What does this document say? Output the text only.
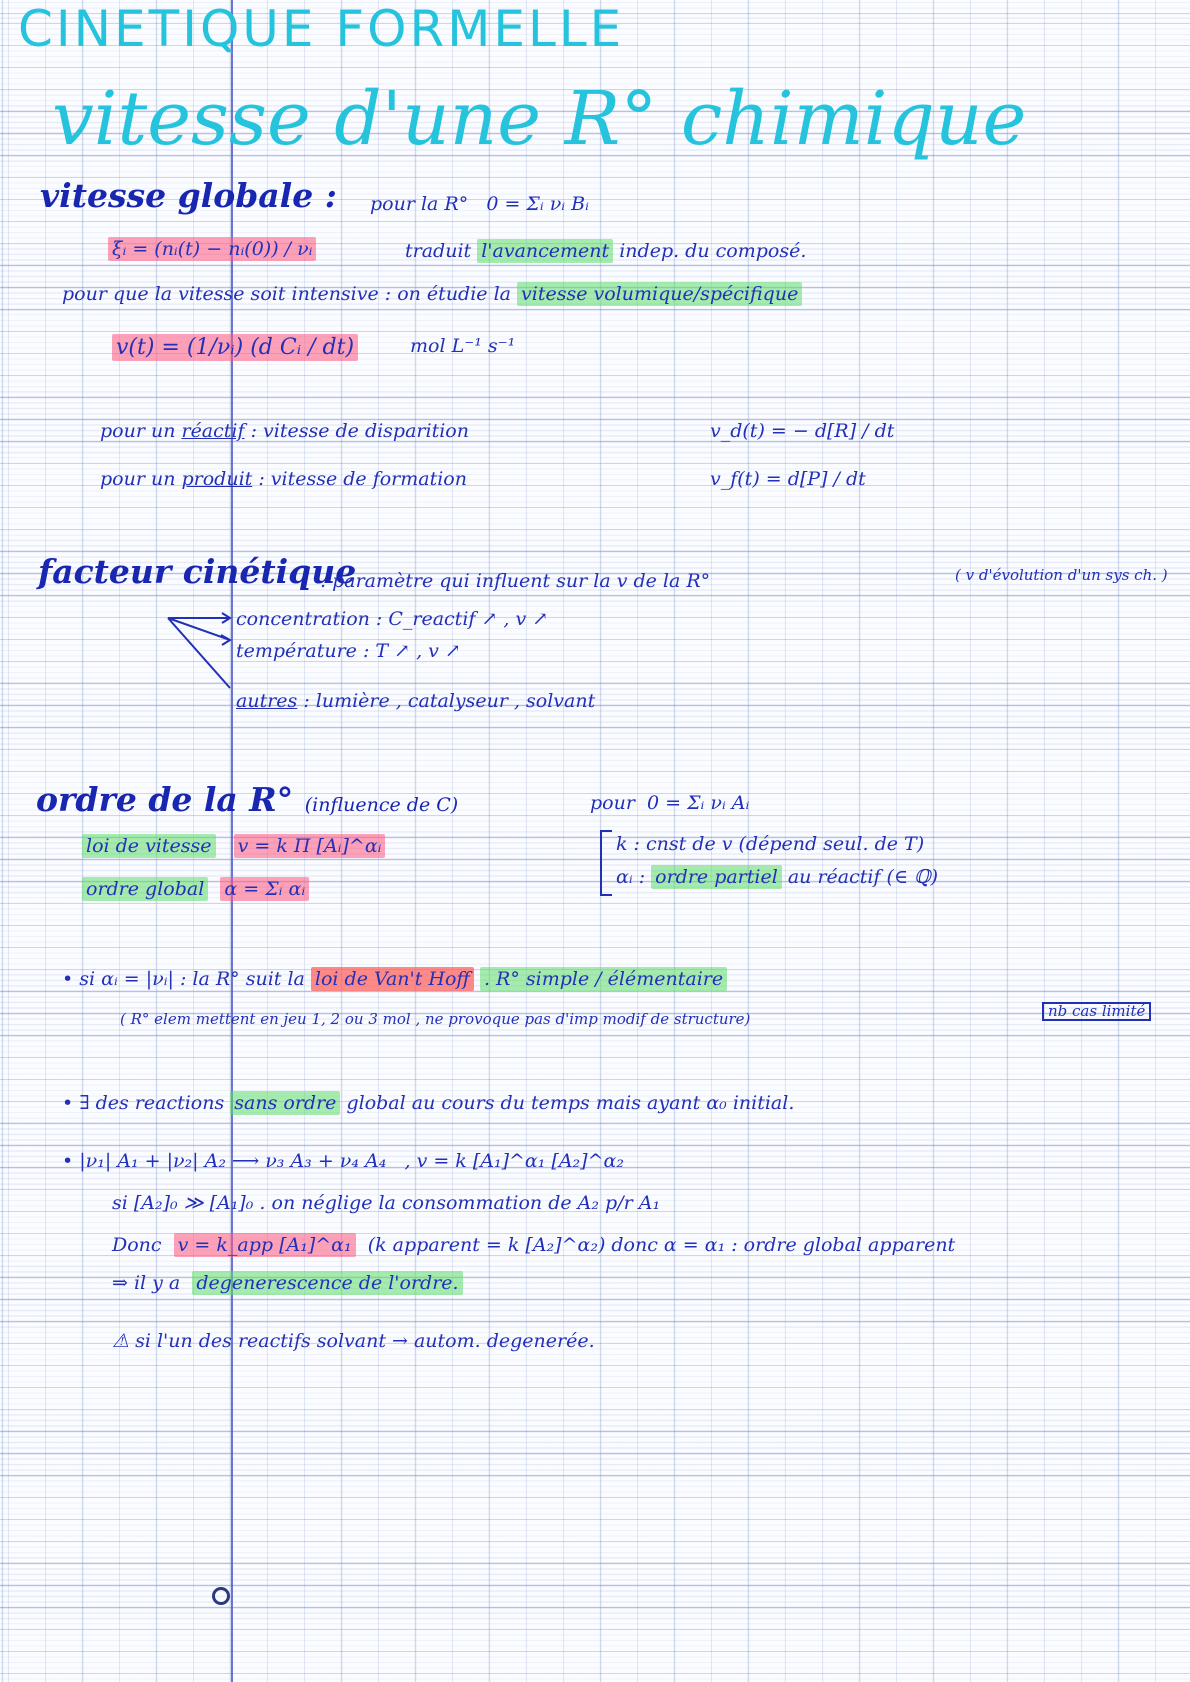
CINETIQUE FORMELLE
vitesse d'une R° chimique
vitesse globale : pour la R° 0 = Σᵢ νᵢ Bᵢ
ξᵢ = (nᵢ(t) − nᵢ(0)) / νᵢ	traduit l'avancement indep. du composé.
pour que la vitesse soit intensive : on étudie la vitesse volumique/spécifique
v(t) = (1/νᵢ) (d Cᵢ / dt)	mol L⁻¹ s⁻¹
pour un réactif : vitesse de disparition	v_d(t) = − d[R] / dt
pour un produit : vitesse de formation	v_f(t) = d[P] / dt
facteur cinétique
. paramètre qui influent sur la v de la R°	( v d'évolution d'un sys ch. )
concentration : C_reactif ↗ , v ↗
température : T ↗ , v ↗
autres : lumière , catalyseur , solvant
ordre de la R° (influence de C)	pour 0 = Σᵢ νᵢ Aᵢ
loi de vitesse v = k Π [Aᵢ]^αᵢ
ordre global α = Σᵢ αᵢ
k : cnst de v (dépend seul. de T)
αᵢ : ordre partiel au réactif (∈ ℚ)
• si αᵢ = |νᵢ| : la R° suit la loi de Van't Hoff . R° simple / élémentaire
( R° elem mettent en jeu 1, 2 ou 3 mol , ne provoque pas d'imp modif de structure)	nb cas limité
• ∃ des reactions sans ordre global au cours du temps mais ayant α₀ initial.
• |ν₁| A₁ + |ν₂| A₂ ⟶ ν₃ A₃ + ν₄ A₄ , v = k [A₁]^α₁ [A₂]^α₂
si [A₂]₀ ≫ [A₁]₀ . on néglige la consommation de A₂ p/r A₁
Donc v = k_app [A₁]^α₁ (k apparent = k [A₂]^α₂) donc α = α₁ : ordre global apparent
⇒ il y a degenerescence de l'ordre.
⚠ si l'un des reactifs solvant → autom. degenerée.
